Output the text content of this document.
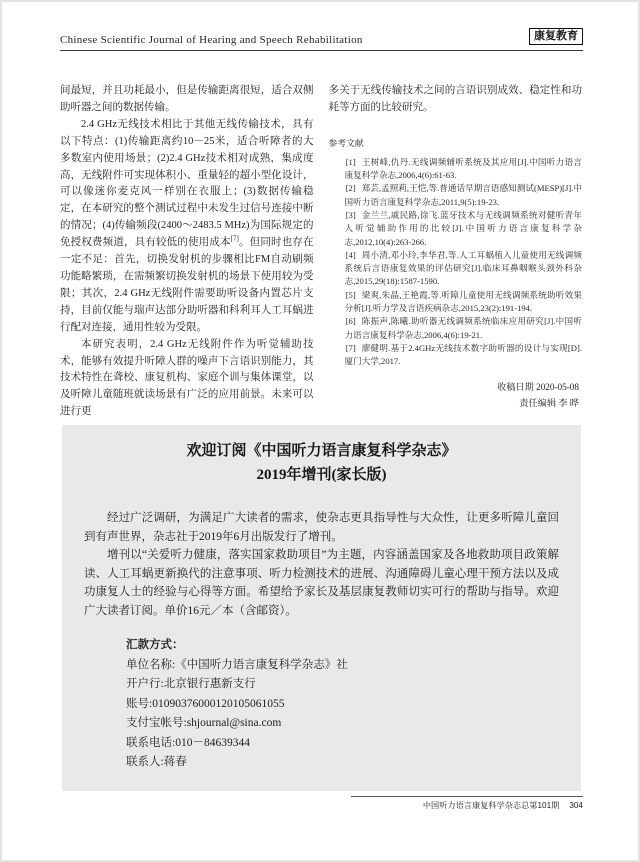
Chinese Scientific Journal of Hearing and Speech Rehabilitation	康复教育

间最短，并且功耗最小，但是传输距离很短，适合双侧助听器之间的数据传输。

2.4 GHz无线技术相比于其他无线传输技术，具有以下特点：(1)传输距离约10－25米，适合听障者的大多数室内使用场景；(2)2.4 GHz技术相对成熟，集成度高，无线附件可实现体积小、重量轻的超小型化设计，可以像迷你麦克风一样别在衣服上；(3)数据传输稳定，在本研究的整个测试过程中未发生过信号连接中断的情况；(4)传输频段(2400～2483.5 MHz)为国际规定的免授权费频道，具有较低的使用成本[7]。但同时也存在一定不足：首先，切换发射机的步骤相比FM自动刷频功能略繁琐，在需频繁切换发射机的场景下使用较为受限；其次，2.4 GHz无线附件需要助听设备内置芯片支持，目前仅能与瑞声达部分助听器和科利耳人工耳蜗进行配对连接，通用性较为受限。

本研究表明，2.4 GHz无线附件作为听觉辅助技术，能够有效提升听障人群的噪声下言语识别能力，其技术特性在聋校、康复机构、家庭个训与集体课堂，以及听障儿童随班就读场景有广泛的应用前景。未来可以进行更

多关于无线传输技术之间的言语识别成效、稳定性和功耗等方面的比较研究。

参考文献

[1] 王树峰,仇丹.无线调频辅听系统及其应用[J].中国听力语言康复科学杂志,2006,4(6):61-63.

[2] 郑芸,孟照莉,王恺,等.普通话早期言语感知测试(MESP)[J].中国听力语言康复科学杂志,2011,9(5):19-23.

[3] 金兰兰,戚民路,徐飞.蓝牙技术与无线调频系统对健听青年人听觉辅助作用的比较[J].中国听力语言康复科学杂志,2012,10(4):263-266.

[4] 周小清,邓小玲,李华君,等.人工耳蜗植入儿童使用无线调频系统后言语康复效果的评估研究[J].临床耳鼻咽喉头颈外科杂志,2015,29(18):1587-1590.

[5] 梁爽,朱晶,王艳霞,等.听障儿童使用无线调频系统助听效果分析[J].听力学及言语疾病杂志,2015,23(2):191-194.

[6] 陈振声,陈曦.助听器无线调频系统临床应用研究[J].中国听力语言康复科学杂志,2006,4(6):19-21.

[7] 廖健明.基于2.4GHz无线技术数字助听器的设计与实现[D].厦门大学,2017.

收稿日期 2020-05-08
责任编辑 李 晔
欢迎订阅《中国听力语言康复科学杂志》
2019年增刊(家长版)

经过广泛调研，为满足广大读者的需求，使杂志更具指导性与大众性，让更多听障儿童回到有声世界，杂志社于2019年6月出版发行了增刊。

增刊以“关爱听力健康，落实国家救助项目”为主题，内容涵盖国家及各地救助项目政策解读、人工耳蜗更新换代的注意事项、听力检测技术的进展、沟通障碍儿童心理干预方法以及成功康复人士的经验与心得等方面。希望给予家长及基层康复教师切实可行的帮助与指导。欢迎广大读者订阅。单价16元／本（含邮资）。

汇款方式：
单位名称:《中国听力语言康复科学杂志》社
开户行:北京银行惠新支行
账号:01090376000120105061055
支付宝帐号:shjournal@sina.com
联系电话:010－84639344
联系人:蒋春
中国听力语言康复科学杂志总第101期 304
